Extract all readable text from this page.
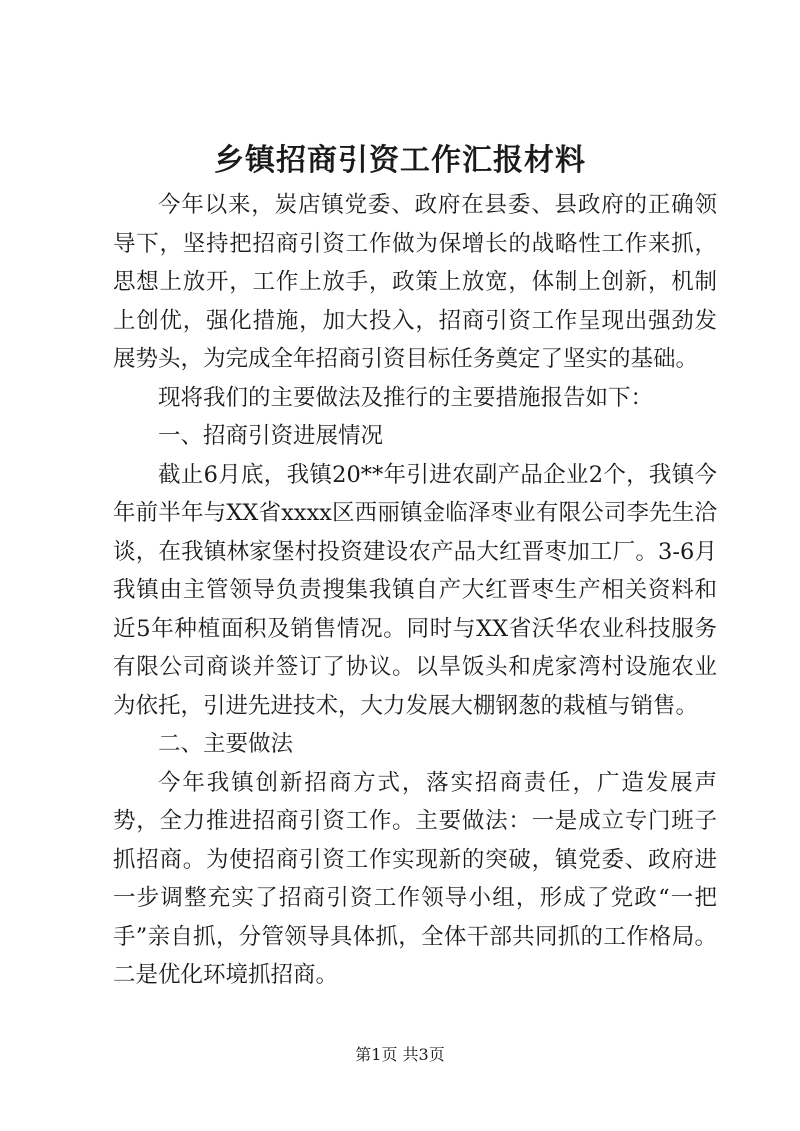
乡镇招商引资工作汇报材料

今年以来，炭店镇党委、政府在县委、县政府的正确领导下，坚持把招商引资工作做为保增长的战略性工作来抓，思想上放开，工作上放手，政策上放宽，体制上创新，机制上创优，强化措施，加大投入，招商引资工作呈现出强劲发展势头，为完成全年招商引资目标任务奠定了坚实的基础。

现将我们的主要做法及推行的主要措施报告如下：

一、招商引资进展情况

截止6月底，我镇20**年引进农副产品企业2个，我镇今年前半年与XX省xxxx区西丽镇金临泽枣业有限公司李先生洽谈，在我镇林家堡村投资建设农产品大红晋枣加工厂。3-6月我镇由主管领导负责搜集我镇自产大红晋枣生产相关资料和近5年种植面积及销售情况。同时与XX省沃华农业科技服务有限公司商谈并签订了协议。以旱饭头和虎家湾村设施农业为依托，引进先进技术，大力发展大棚钢葱的栽植与销售。

二、主要做法

今年我镇创新招商方式，落实招商责任，广造发展声势，全力推进招商引资工作。主要做法：一是成立专门班子抓招商。为使招商引资工作实现新的突破，镇党委、政府进一步调整充实了招商引资工作领导小组，形成了党政“一把手”亲自抓，分管领导具体抓，全体干部共同抓的工作格局。二是优化环境抓招商。

第1页 共3页
